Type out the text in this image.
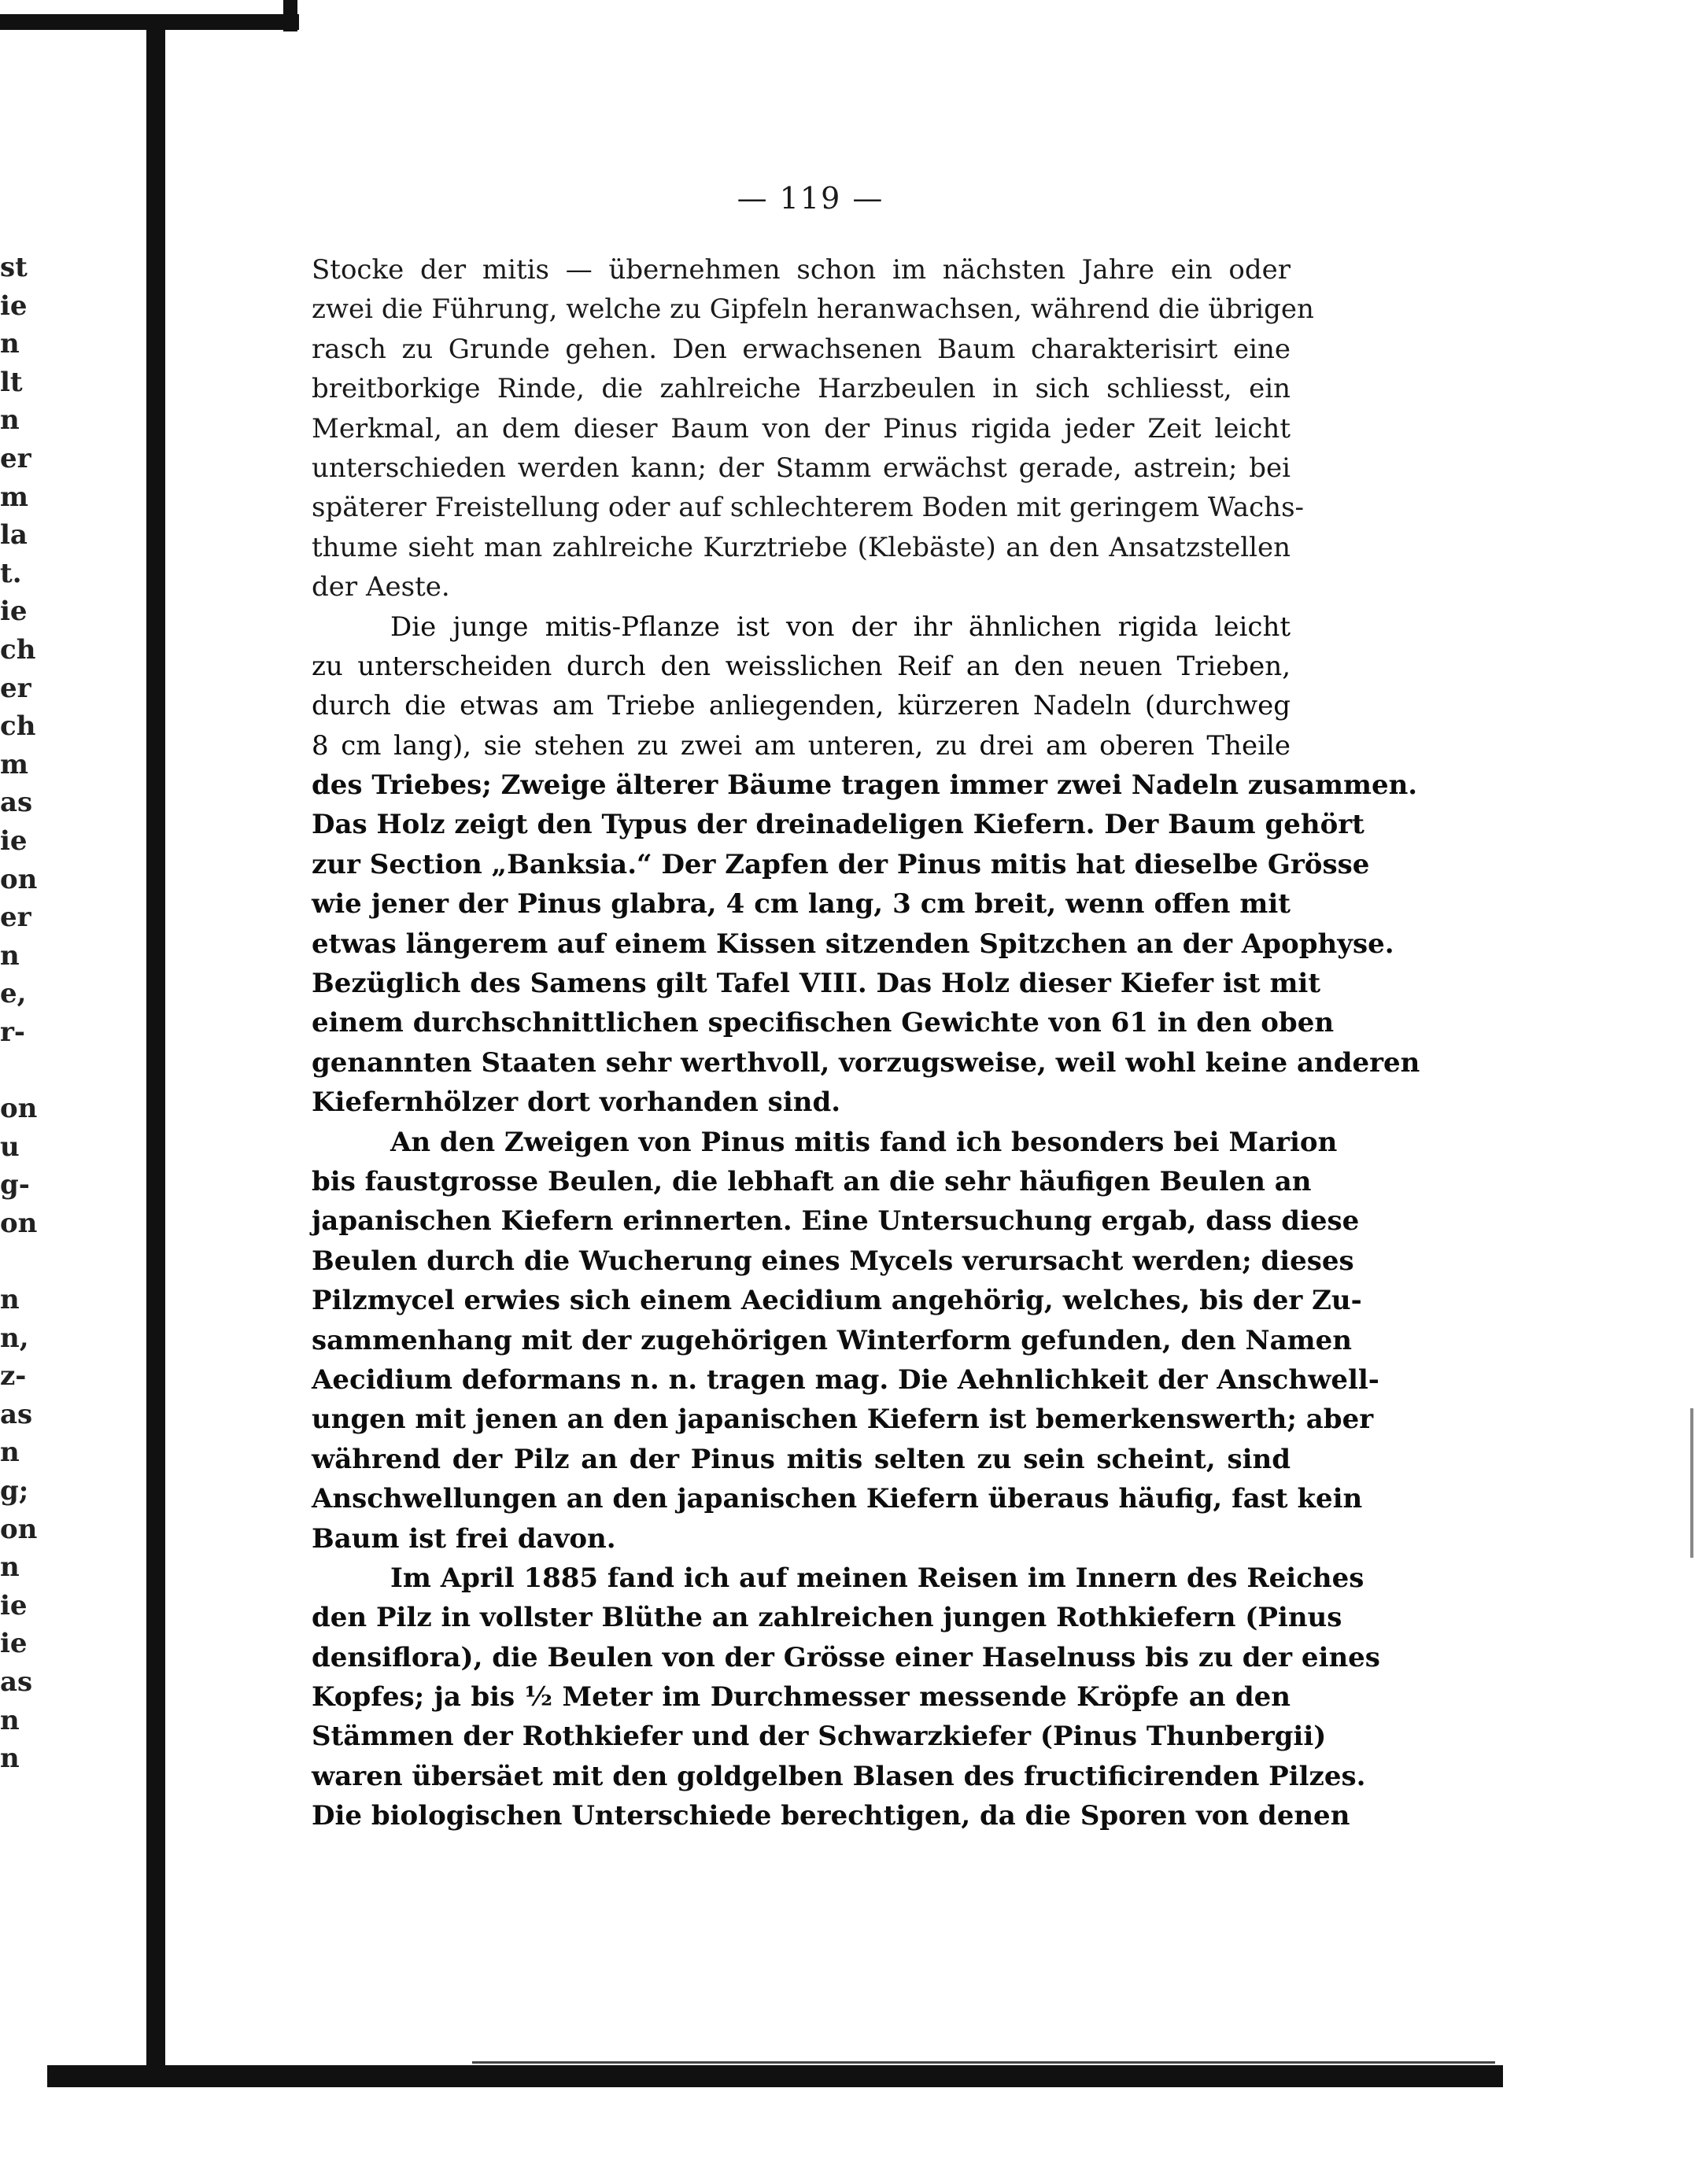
st
ie
n
lt
n
er
m
la
t.
ie
ch
er
ch
m
as
ie
on
er
n
e,
r-
on
u
g-
on
n
n,
z-
as
n
g;
on
n
ie
ie
as
n
n
— 119 —
Stocke der mitis — übernehmen schon im nächsten Jahre ein oder
zwei die Führung, welche zu Gipfeln heranwachsen, während die übrigen
rasch zu Grunde gehen. Den erwachsenen Baum charakterisirt eine
breitborkige Rinde, die zahlreiche Harzbeulen in sich schliesst, ein
Merkmal, an dem dieser Baum von der Pinus rigida jeder Zeit leicht
unterschieden werden kann; der Stamm erwächst gerade, astrein; bei
späterer Freistellung oder auf schlechterem Boden mit geringem Wachs-
thume sieht man zahlreiche Kurztriebe (Klebäste) an den Ansatzstellen
der Aeste.
Die junge mitis-Pflanze ist von der ihr ähnlichen rigida leicht
zu unterscheiden durch den weisslichen Reif an den neuen Trieben,
durch die etwas am Triebe anliegenden, kürzeren Nadeln (durchweg
8 cm lang), sie stehen zu zwei am unteren, zu drei am oberen Theile
des Triebes; Zweige älterer Bäume tragen immer zwei Nadeln zusammen.
Das Holz zeigt den Typus der dreinadeligen Kiefern. Der Baum gehört
zur Section „Banksia.“ Der Zapfen der Pinus mitis hat dieselbe Grösse
wie jener der Pinus glabra, 4 cm lang, 3 cm breit, wenn offen mit
etwas längerem auf einem Kissen sitzenden Spitzchen an der Apophyse.
Bezüglich des Samens gilt Tafel VIII. Das Holz dieser Kiefer ist mit
einem durchschnittlichen specifischen Gewichte von 61 in den oben
genannten Staaten sehr werthvoll, vorzugsweise, weil wohl keine anderen
Kiefernhölzer dort vorhanden sind.
An den Zweigen von Pinus mitis fand ich besonders bei Marion
bis faustgrosse Beulen, die lebhaft an die sehr häufigen Beulen an
japanischen Kiefern erinnerten. Eine Untersuchung ergab, dass diese
Beulen durch die Wucherung eines Mycels verursacht werden; dieses
Pilzmycel erwies sich einem Aecidium angehörig, welches, bis der Zu-
sammenhang mit der zugehörigen Winterform gefunden, den Namen
Aecidium deformans n. n. tragen mag. Die Aehnlichkeit der Anschwell-
ungen mit jenen an den japanischen Kiefern ist bemerkenswerth; aber
während der Pilz an der Pinus mitis selten zu sein scheint, sind
Anschwellungen an den japanischen Kiefern überaus häufig, fast kein
Baum ist frei davon.
Im April 1885 fand ich auf meinen Reisen im Innern des Reiches
den Pilz in vollster Blüthe an zahlreichen jungen Rothkiefern (Pinus
densiflora), die Beulen von der Grösse einer Haselnuss bis zu der eines
Kopfes; ja bis ½ Meter im Durchmesser messende Kröpfe an den
Stämmen der Rothkiefer und der Schwarzkiefer (Pinus Thunbergii)
waren übersäet mit den goldgelben Blasen des fructificirenden Pilzes.
Die biologischen Unterschiede berechtigen, da die Sporen von denen
